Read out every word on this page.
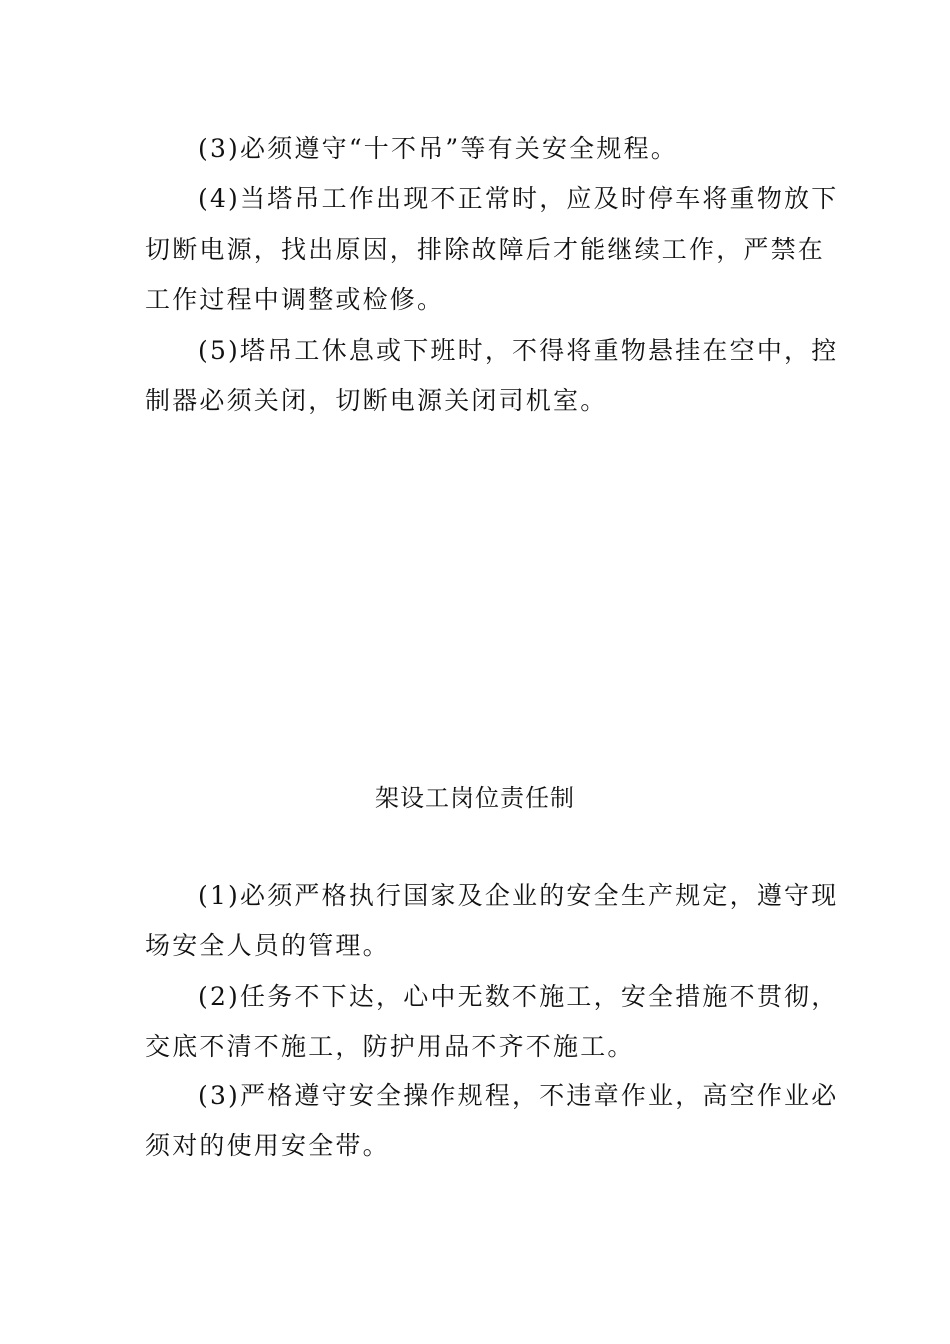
(3)必须遵守“十不吊”等有关安全规程。
(4)当塔吊工作出现不正常时，应及时停车将重物放下
切断电源，找出原因，排除故障后才能继续工作，严禁在
工作过程中调整或检修。
(5)塔吊工休息或下班时，不得将重物悬挂在空中，控
制器必须关闭，切断电源关闭司机室。
架设工岗位责任制
(1)必须严格执行国家及企业的安全生产规定，遵守现
场安全人员的管理。
(2)任务不下达，心中无数不施工，安全措施不贯彻，
交底不清不施工，防护用品不齐不施工。
(3)严格遵守安全操作规程，不违章作业，高空作业必
须对的使用安全带。
